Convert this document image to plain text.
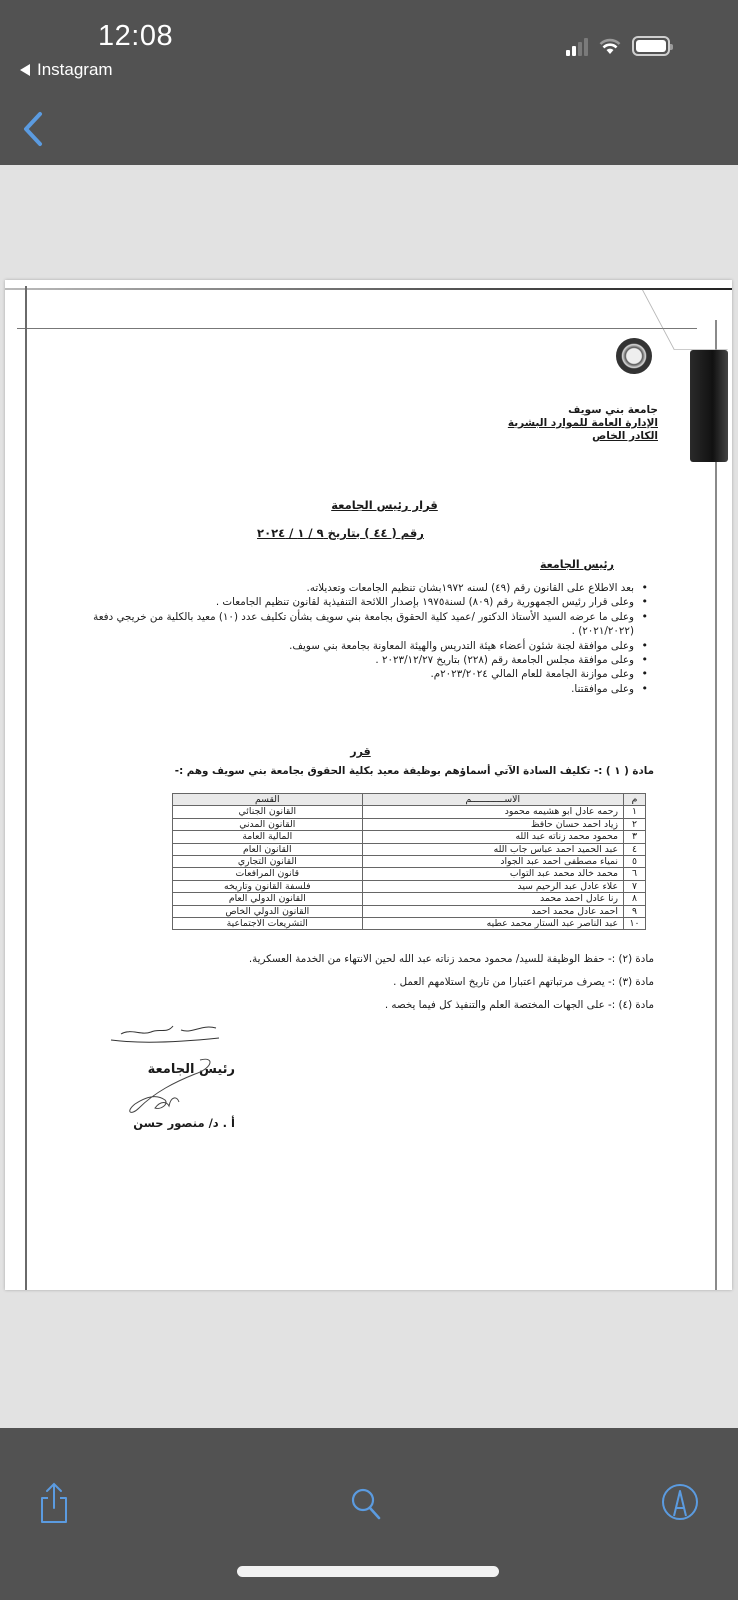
12:08
Instagram
جامعة بني سويف
الإدارة العامة للموارد البشرية
الكادر الخاص
قرار رئيس الجامعة
رقم ( ٤٤ ) بتاريخ ٩ / ١ / ٢٠٢٤
رئيس الجامعة
• بعد الاطلاع على القانون رقم (٤٩) لسنه ١٩٧٢بشان تنظيم الجامعات وتعديلاته.
• وعلى قرار رئيس الجمهورية رقم (٨٠٩) لسنة١٩٧٥ بإصدار اللائحة التنفيذية لقانون تنظيم الجامعات .
• وعلى ما عرضه السيد الأستاذ الدكتور /عميد كلية الحقوق بجامعة بني سويف بشأن تكليف عدد (١٠) معيد بالكلية من خريجي دفعة (٢٠٢١/٢٠٢٢) .
• وعلى موافقة لجنة شئون أعضاء هيئة التدريس والهيئة المعاونة بجامعة بني سويف.
• وعلى موافقة مجلس الجامعة رقم (٢٢٨) بتاريخ ٢٠٢٣/١٢/٢٧ .
• وعلى موازنة الجامعة للعام المالي ٢٠٢٣/٢٠٢٤م.
• وعلى موافقتنا.
قرر
مادة ( ١ ) :- تكليف السادة الآتي أسماؤهم بوظيفة معيد بكلية الحقوق بجامعة بني سويف وهم :-
م	الاســــــــــــم	القسم
١	رحمه عادل ابو هشيمه محمود	القانون الجنائي
٢	زياد احمد حسان حافظ	القانون المدني
٣	محمود محمد زناته عبد الله	المالية العامة
٤	عبد الحميد احمد عباس جاب الله	القانون العام
٥	نمياء مصطفى احمد عبد الجواد	القانون التجاري
٦	محمد خالد محمد عبد التواب	قانون المرافعات
٧	علاء عادل عبد الرحيم سيد	فلسفة القانون وتاريخه
٨	رنا عادل احمد محمد	القانون الدولي العام
٩	احمد عادل محمد احمد	القانون الدولي الخاص
١٠	عبد الناصر عبد الستار محمد عطيه	التشريعات الاجتماعية
مادة (٢) :- حفظ الوظيفة للسيد/ محمود محمد زناته عبد الله لحين الانتهاء من الخدمة العسكرية.
مادة (٣) :- يصرف مرتباتهم اعتبارا من تاريخ استلامهم العمل .
مادة (٤) :- على الجهات المختصة العلم والتنفيذ كل فيما يخصه .
رئيس الجامعة
أ . د/ منصور حسن
